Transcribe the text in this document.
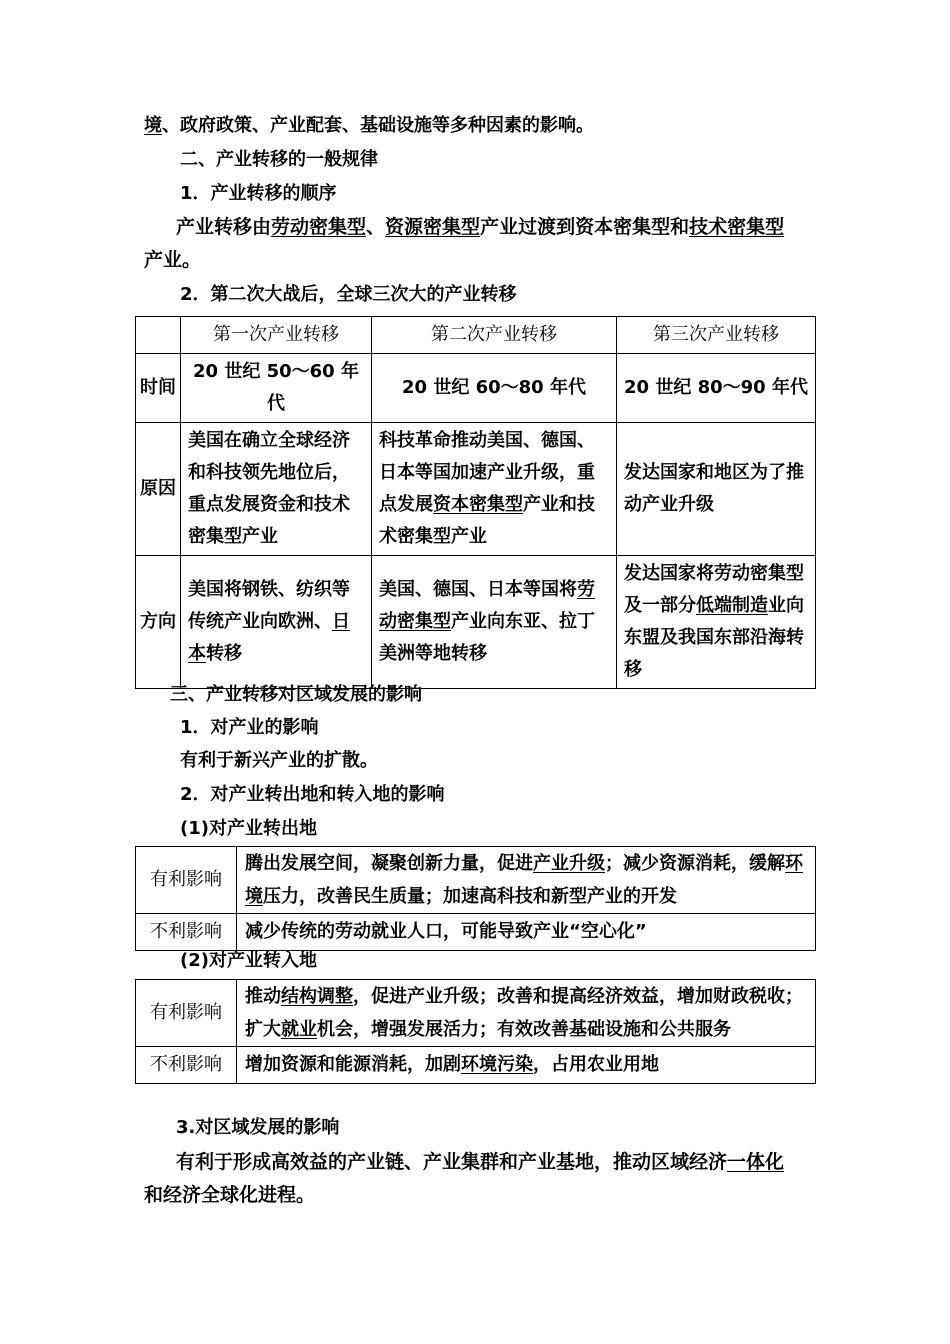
境、政府政策、产业配套、基础设施等多种因素的影响。
二、产业转移的一般规律
1．产业转移的顺序
产业转移由劳动密集型、资源密集型产业过渡到资本密集型和技术密集型
产业。
2．第二次大战后，全球三次大的产业转移
	第一次产业转移	第二次产业转移	第三次产业转移
时间	20 世纪 50～60 年代	20 世纪 60～80 年代	20 世纪 80～90 年代
原因	美国在确立全球经济和科技领先地位后，重点发展资金和技术密集型产业	科技革命推动美国、德国、日本等国加速产业升级，重点发展资本密集型产业和技术密集型产业	发达国家和地区为了推动产业升级
方向	美国将钢铁、纺织等传统产业向欧洲、日本转移	美国、德国、日本等国将劳动密集型产业向东亚、拉丁美洲等地转移	发达国家将劳动密集型及一部分低端制造业向东盟及我国东部沿海转移
三、产业转移对区域发展的影响
1．对产业的影响
有利于新兴产业的扩散。
2．对产业转出地和转入地的影响
(1)对产业转出地
有利影响	腾出发展空间，凝聚创新力量，促进产业升级；减少资源消耗，缓解环境压力，改善民生质量；加速高科技和新型产业的开发
不利影响	减少传统的劳动就业人口，可能导致产业“空心化”
(2)对产业转入地
有利影响	推动结构调整，促进产业升级；改善和提高经济效益，增加财政税收；扩大就业机会，增强发展活力；有效改善基础设施和公共服务
不利影响	增加资源和能源消耗，加剧环境污染，占用农业用地
3.对区域发展的影响
有利于形成高效益的产业链、产业集群和产业基地，推动区域经济一体化
和经济全球化进程。
